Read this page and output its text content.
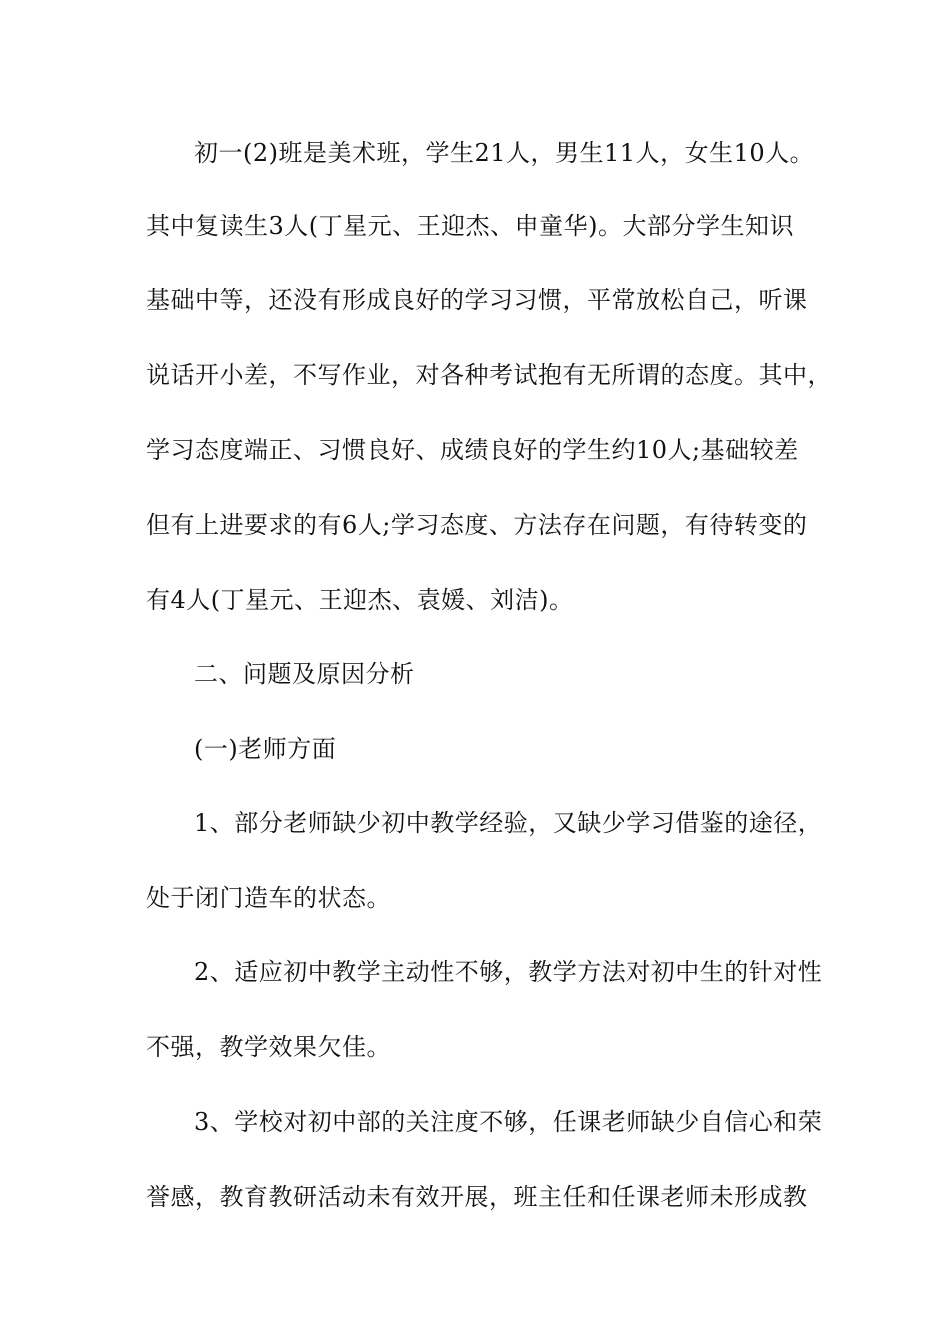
初一(2)班是美术班，学生21人，男生11人，女生10人。
其中复读生3人(丁星元、王迎杰、申童华)。大部分学生知识
基础中等，还没有形成良好的学习习惯，平常放松自己，听课
说话开小差，不写作业，对各种考试抱有无所谓的态度。其中，
学习态度端正、习惯良好、成绩良好的学生约10人;基础较差
但有上进要求的有6人;学习态度、方法存在问题，有待转变的
有4人(丁星元、王迎杰、袁媛、刘洁)。
二、问题及原因分析
(一)老师方面
1、部分老师缺少初中教学经验，又缺少学习借鉴的途径，
处于闭门造车的状态。
2、适应初中教学主动性不够，教学方法对初中生的针对性
不强，教学效果欠佳。
3、学校对初中部的关注度不够，任课老师缺少自信心和荣
誉感，教育教研活动未有效开展，班主任和任课老师未形成教
